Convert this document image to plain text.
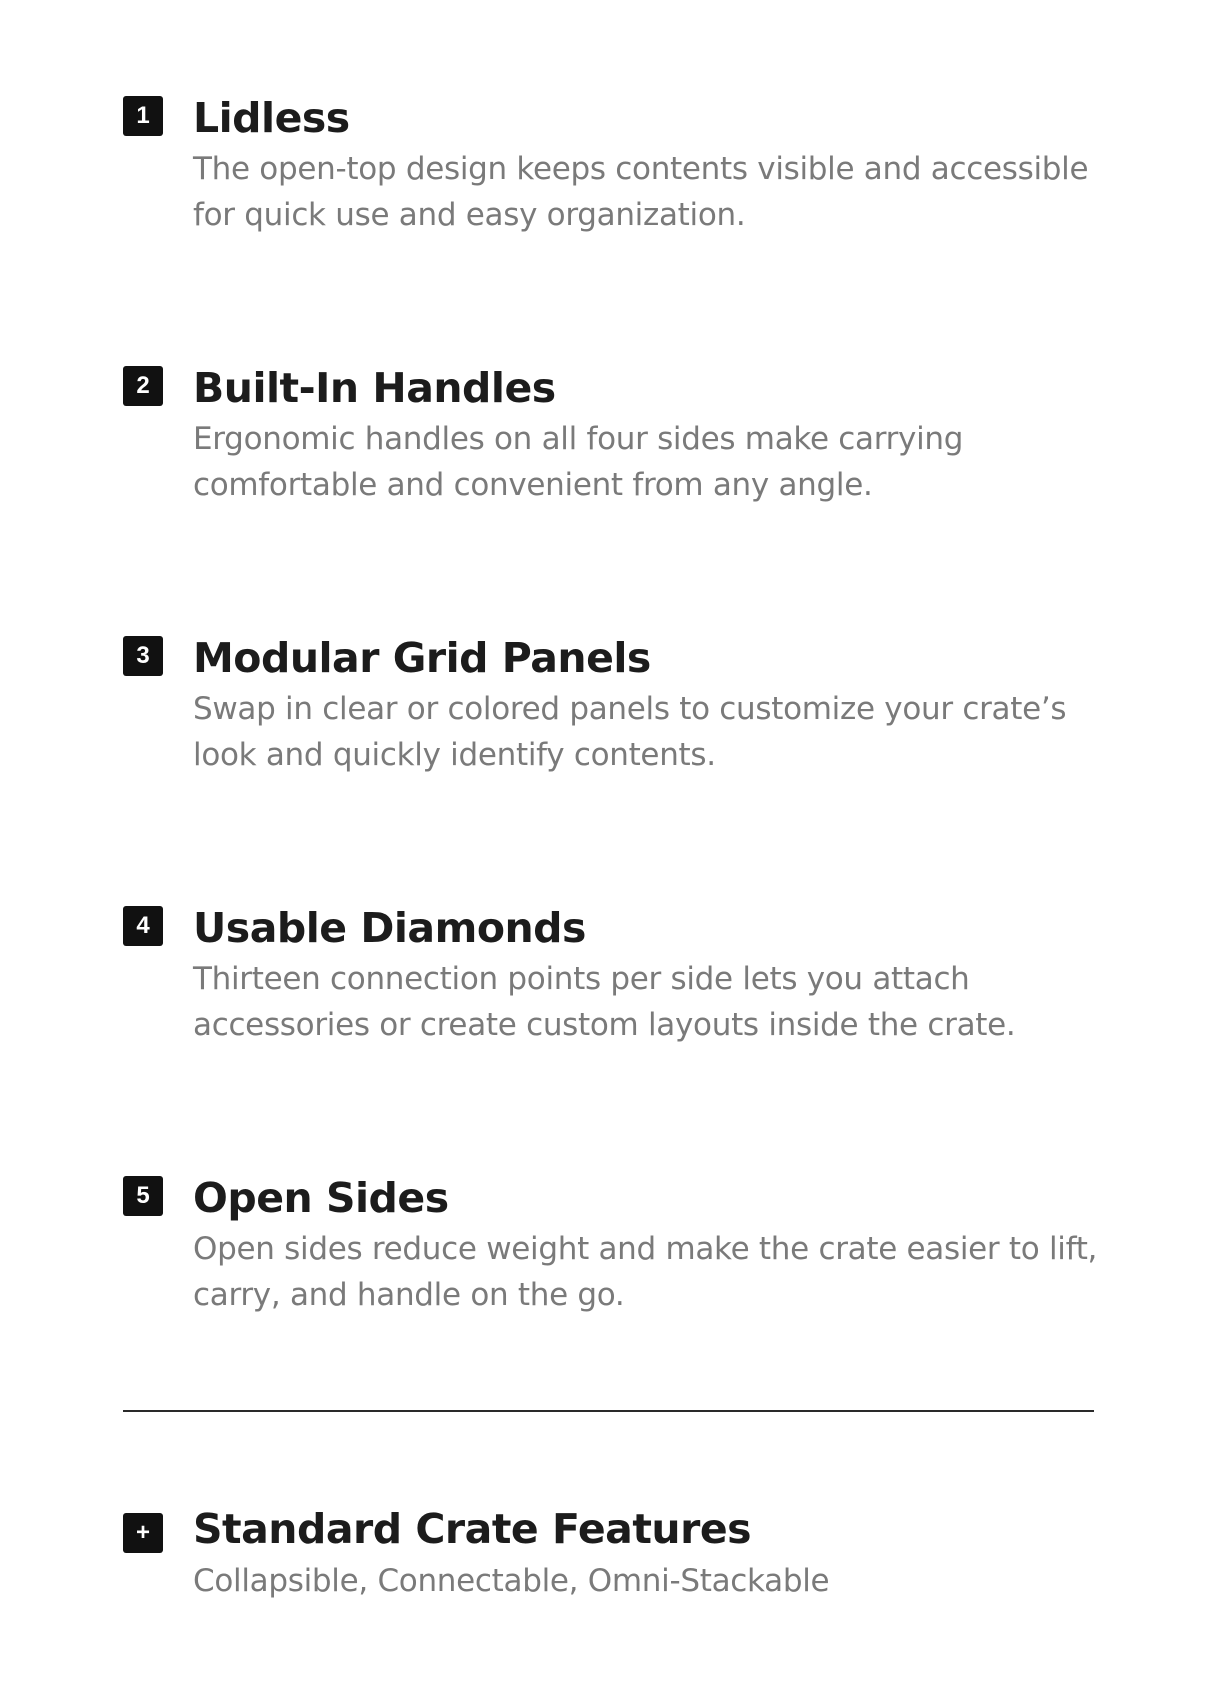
1	Lidless

The open-top design keeps contents visible and accessible
for quick use and easy organization.

2	Built-In Handles

Ergonomic handles on all four sides make carrying
comfortable and convenient from any angle.

3	Modular Grid Panels

Swap in clear or colored panels to customize your crate’s
look and quickly identify contents.

4	Usable Diamonds

Thirteen connection points per side lets you attach
accessories or create custom layouts inside the crate.

5	Open Sides

Open sides reduce weight and make the crate easier to lift,
carry, and handle on the go.

+	Standard Crate Features

Collapsible, Connectable, Omni-Stackable
